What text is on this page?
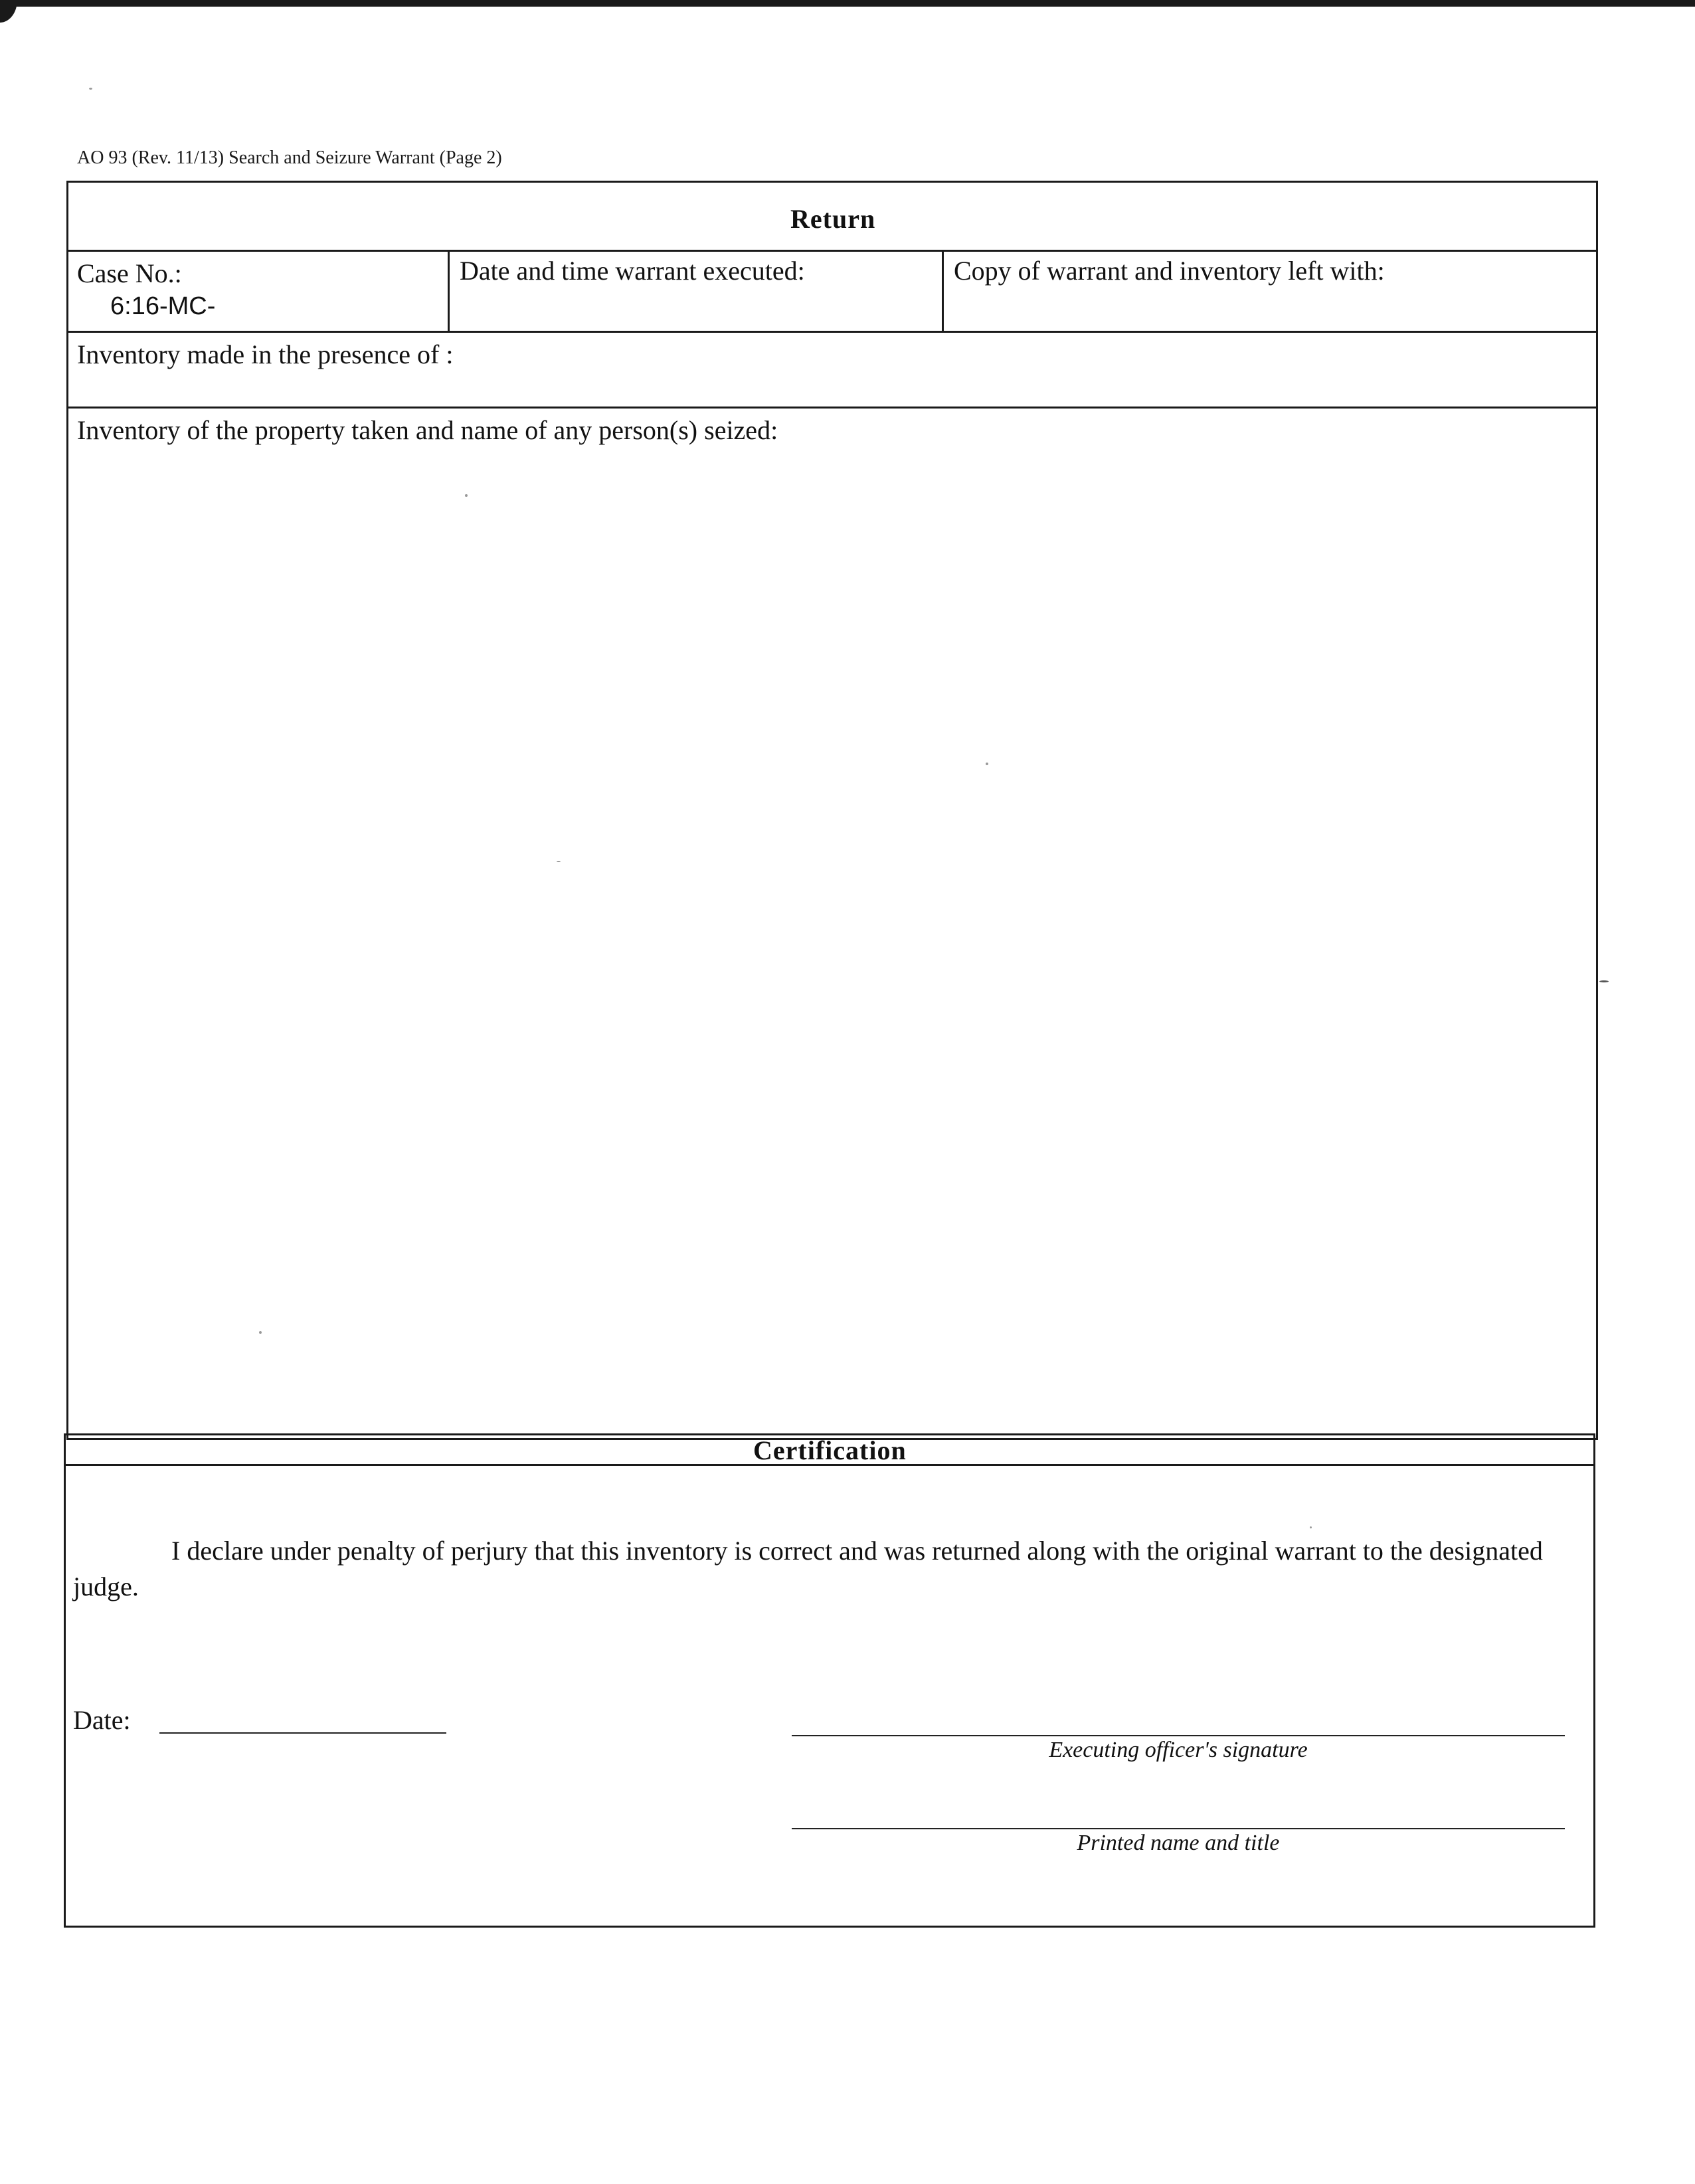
AO 93 (Rev. 11/13) Search and Seizure Warrant (Page 2)
Return
Case No.:
6:16-MC-
Date and time warrant executed:	Copy of warrant and inventory left with:
Inventory made in the presence of :
Inventory of the property taken and name of any person(s) seized:
Certification
I declare under penalty of perjury that this inventory is correct and was returned along with the original warrant to the designated judge.
Date:
Executing officer's signature
Printed name and title
